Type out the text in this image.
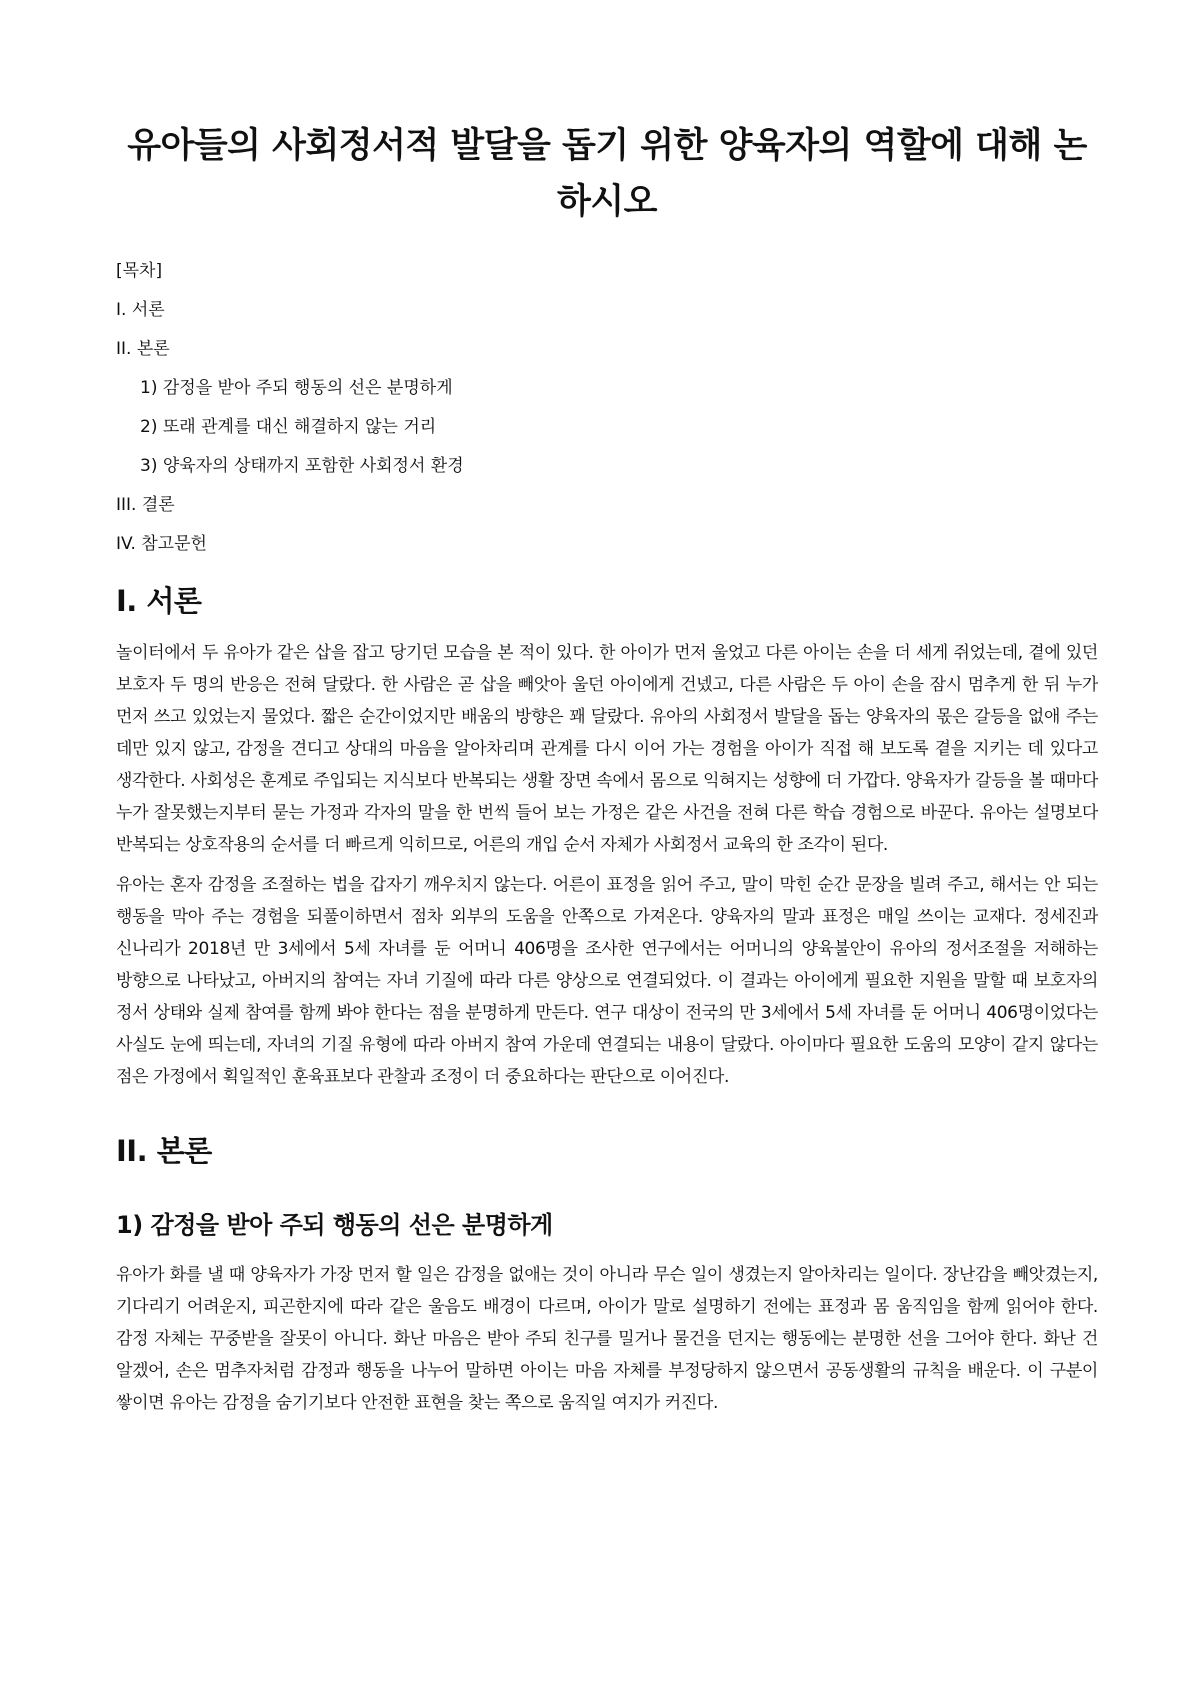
유아들의 사회정서적 발달을 돕기 위한 양육자의 역할에 대해 논하시오
[목차]
I. 서론
II. 본론
1) 감정을 받아 주되 행동의 선은 분명하게
2) 또래 관계를 대신 해결하지 않는 거리
3) 양육자의 상태까지 포함한 사회정서 환경
III. 결론
IV. 참고문헌
I. 서론

놀이터에서 두 유아가 같은 삽을 잡고 당기던 모습을 본 적이 있다. 한 아이가 먼저 울었고 다른 아이는 손을 더 세게 쥐었는데, 곁에 있던 보호자 두 명의 반응은 전혀 달랐다. 한 사람은 곧 삽을 빼앗아 울던 아이에게 건넸고, 다른 사람은 두 아이 손을 잠시 멈추게 한 뒤 누가 먼저 쓰고 있었는지 물었다. 짧은 순간이었지만 배움의 방향은 꽤 달랐다. 유아의 사회정서 발달을 돕는 양육자의 몫은 갈등을 없애 주는 데만 있지 않고, 감정을 견디고 상대의 마음을 알아차리며 관계를 다시 이어 가는 경험을 아이가 직접 해 보도록 곁을 지키는 데 있다고 생각한다. 사회성은 훈계로 주입되는 지식보다 반복되는 생활 장면 속에서 몸으로 익혀지는 성향에 더 가깝다. 양육자가 갈등을 볼 때마다 누가 잘못했는지부터 묻는 가정과 각자의 말을 한 번씩 들어 보는 가정은 같은 사건을 전혀 다른 학습 경험으로 바꾼다. 유아는 설명보다 반복되는 상호작용의 순서를 더 빠르게 익히므로, 어른의 개입 순서 자체가 사회정서 교육의 한 조각이 된다.

유아는 혼자 감정을 조절하는 법을 갑자기 깨우치지 않는다. 어른이 표정을 읽어 주고, 말이 막힌 순간 문장을 빌려 주고, 해서는 안 되는 행동을 막아 주는 경험을 되풀이하면서 점차 외부의 도움을 안쪽으로 가져온다. 양육자의 말과 표정은 매일 쓰이는 교재다. 정세진과 신나리가 2018년 만 3세에서 5세 자녀를 둔 어머니 406명을 조사한 연구에서는 어머니의 양육불안이 유아의 정서조절을 저해하는 방향으로 나타났고, 아버지의 참여는 자녀 기질에 따라 다른 양상으로 연결되었다. 이 결과는 아이에게 필요한 지원을 말할 때 보호자의 정서 상태와 실제 참여를 함께 봐야 한다는 점을 분명하게 만든다. 연구 대상이 전국의 만 3세에서 5세 자녀를 둔 어머니 406명이었다는 사실도 눈에 띄는데, 자녀의 기질 유형에 따라 아버지 참여 가운데 연결되는 내용이 달랐다. 아이마다 필요한 도움의 모양이 같지 않다는 점은 가정에서 획일적인 훈육표보다 관찰과 조정이 더 중요하다는 판단으로 이어진다.

II. 본론
1) 감정을 받아 주되 행동의 선은 분명하게

유아가 화를 낼 때 양육자가 가장 먼저 할 일은 감정을 없애는 것이 아니라 무슨 일이 생겼는지 알아차리는 일이다. 장난감을 빼앗겼는지, 기다리기 어려운지, 피곤한지에 따라 같은 울음도 배경이 다르며, 아이가 말로 설명하기 전에는 표정과 몸 움직임을 함께 읽어야 한다. 감정 자체는 꾸중받을 잘못이 아니다. 화난 마음은 받아 주되 친구를 밀거나 물건을 던지는 행동에는 분명한 선을 그어야 한다. 화난 건 알겠어, 손은 멈추자처럼 감정과 행동을 나누어 말하면 아이는 마음 자체를 부정당하지 않으면서 공동생활의 규칙을 배운다. 이 구분이 쌓이면 유아는 감정을 숨기기보다 안전한 표현을 찾는 쪽으로 움직일 여지가 커진다.
